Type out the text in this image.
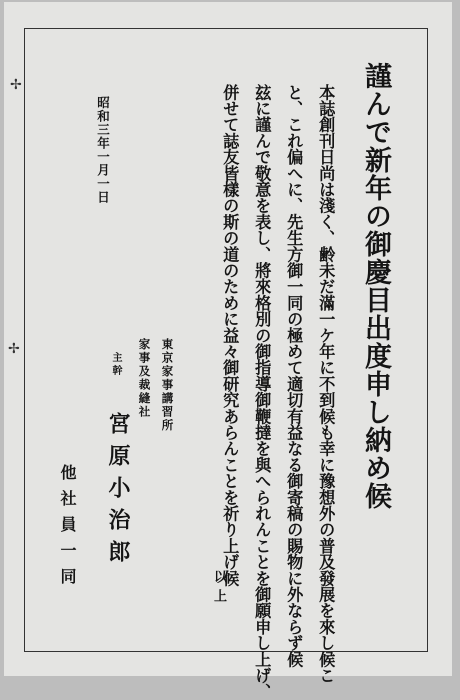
✢
✢	謹んで新年の御慶目出度申し納め候
本誌創刊日尚は淺く、齢未だ滿一ケ年に不到候も幸に豫想外の普及發展を來し候こ
と、これ偏へに、先生方御一同の極めて適切有益なる御寄稿の賜物に外ならず候
玆に謹んで敬意を表し、將來格別の御指導御鞭撻を與へられんことを御願申し上げ、
併せて誌友皆樣の斯の道のために益々御研究あらんことを祈り上げ候
以上
昭和三年一月一日
東京家事講習所
家事及裁縫社
主幹
宮原小治郎
他社員一同
